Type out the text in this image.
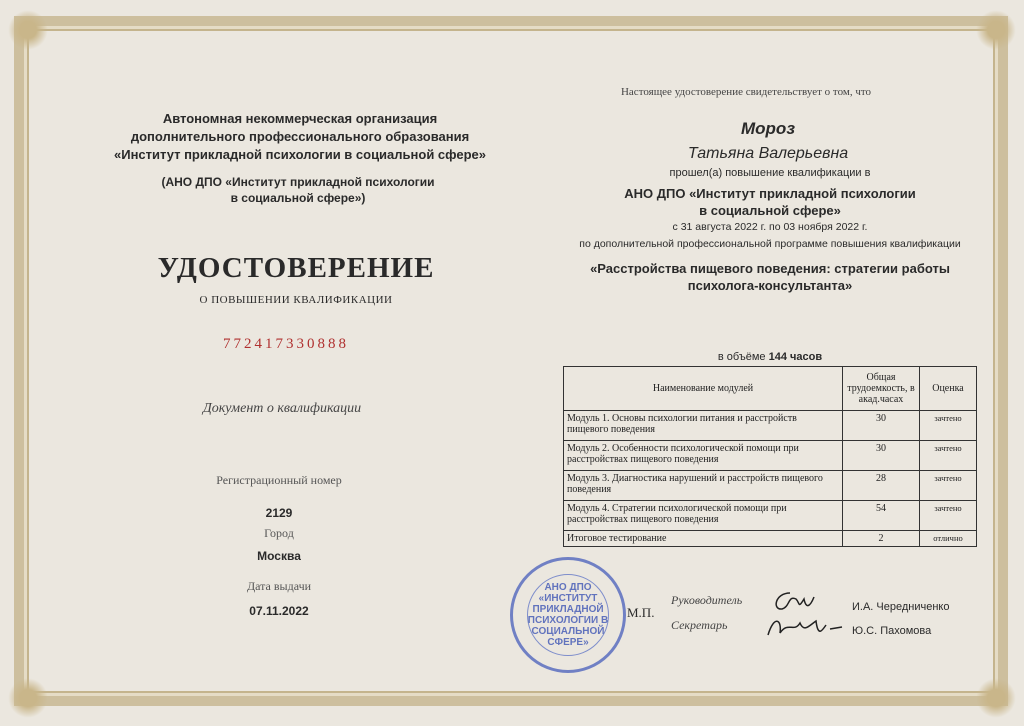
Автономная некоммерческая организация
дополнительного профессионального образования
«Институт прикладной психологии в социальной сфере»
(АНО ДПО «Институт прикладной психологии
в социальной сфере»)
УДОСТОВЕРЕНИЕ
О ПОВЫШЕНИИ КВАЛИФИКАЦИИ
772417330888
Документ о квалификации
Регистрационный номер
2129
Город
Москва
Дата выдачи
07.11.2022
Настоящее удостоверение свидетельствует о том, что
Мороз
Татьяна Валерьевна
прошел(а) повышение квалификации в
АНО ДПО «Институт прикладной психологии
в социальной сфере»
с 31 августа 2022 г. по 03 ноября 2022 г.
по дополнительной профессиональной программе повышения квалификации
«Расстройства пищевого поведения: стратегии работы
психолога-консультанта»
в объёме 144 часов
Наименование модулей	Общая трудоемкость, в акад.часах	Оценка
Модуль 1. Основы психологии питания и расстройств пищевого поведения	30	зачтено
Модуль 2. Особенности психологической помощи при расстройствах пищевого поведения	30	зачтено
Модуль 3. Диагностика нарушений и расстройств пищевого поведения	28	зачтено
Модуль 4. Стратегии психологической помощи при расстройствах пищевого поведения	54	зачтено
Итоговое тестирование	2	отлично
АНО ДПО
«ИНСТИТУТ
ПРИКЛАДНОЙ
ПСИХОЛОГИИ В
СОЦИАЛЬНОЙ
СФЕРЕ»
М.П.
Руководитель
Секретарь
И.А. Чередниченко
Ю.С. Пахомова
